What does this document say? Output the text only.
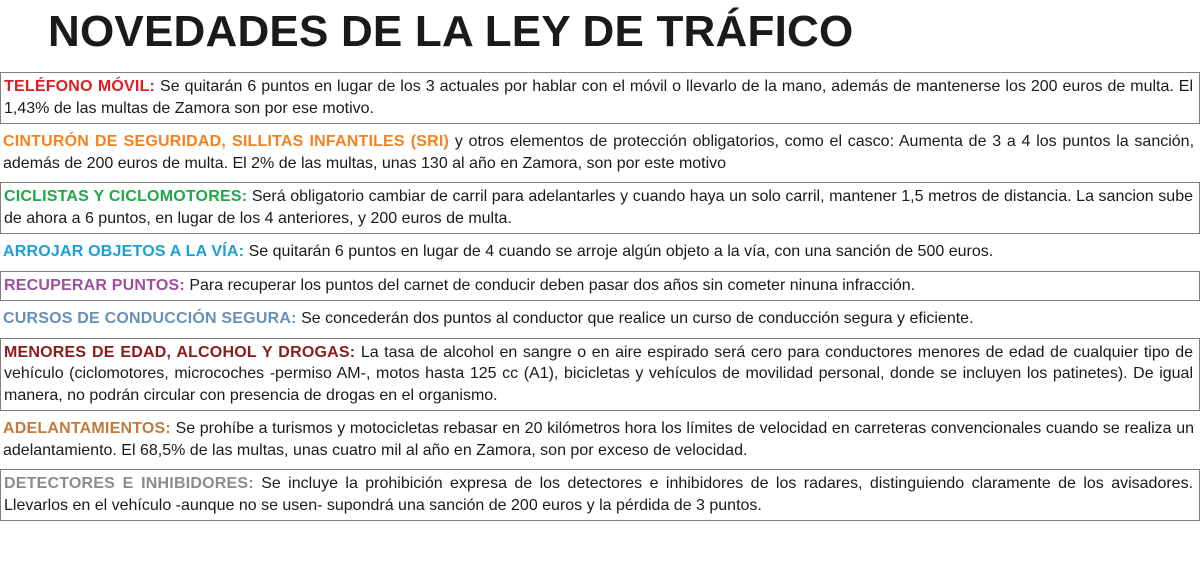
NOVEDADES DE LA LEY DE TRÁFICO
TELÉFONO MÓVIL: Se quitarán 6 puntos en lugar de los 3 actuales por hablar con el móvil o llevarlo de la mano, además de mantenerse los 200 euros de multa. El 1,43% de las multas de Zamora son por ese motivo.
CINTURÓN DE SEGURIDAD, SILLITAS INFANTILES (SRI) y otros elementos de protección obligatorios, como el casco: Aumenta de 3 a 4 los puntos la sanción, además de 200 euros de multa. El 2% de las multas, unas 130 al año en Zamora, son por este motivo
CICLISTAS Y CICLOMOTORES: Será obligatorio cambiar de carril para adelantarles y cuando haya un solo carril, mantener 1,5 metros de distancia. La sancion sube de ahora a 6 puntos, en lugar de los 4 anteriores, y 200 euros de multa.
ARROJAR OBJETOS A LA VÍA: Se quitarán 6 puntos en lugar de 4 cuando se arroje algún objeto a la vía, con una sanción de 500 euros.
RECUPERAR PUNTOS: Para recuperar los puntos del carnet de conducir deben pasar dos años sin cometer ninuna infracción.
CURSOS DE CONDUCCIÓN SEGURA: Se concederán dos puntos al conductor que realice un curso de conducción segura y eficiente.
MENORES DE EDAD, ALCOHOL Y DROGAS: La tasa de alcohol en sangre o en aire espirado será cero para conductores menores de edad de cualquier tipo de vehículo (ciclomotores, microcoches -permiso AM-, motos hasta 125 cc (A1), bicicletas y vehículos de movilidad personal, donde se incluyen los patinetes). De igual manera, no podrán circular con presencia de drogas en el organismo.
ADELANTAMIENTOS: Se prohíbe a turismos y motocicletas rebasar en 20 kilómetros hora los límites de velocidad en carreteras convencionales cuando se realiza un adelantamiento. El 68,5% de las multas, unas cuatro mil al año en Zamora, son por exceso de velocidad.
DETECTORES E INHIBIDORES: Se incluye la prohibición expresa de los detectores e inhibidores de los radares, distinguiendo claramente de los avisadores. Llevarlos en el vehículo -aunque no se usen- supondrá una sanción de 200 euros y la pérdida de 3 puntos.
